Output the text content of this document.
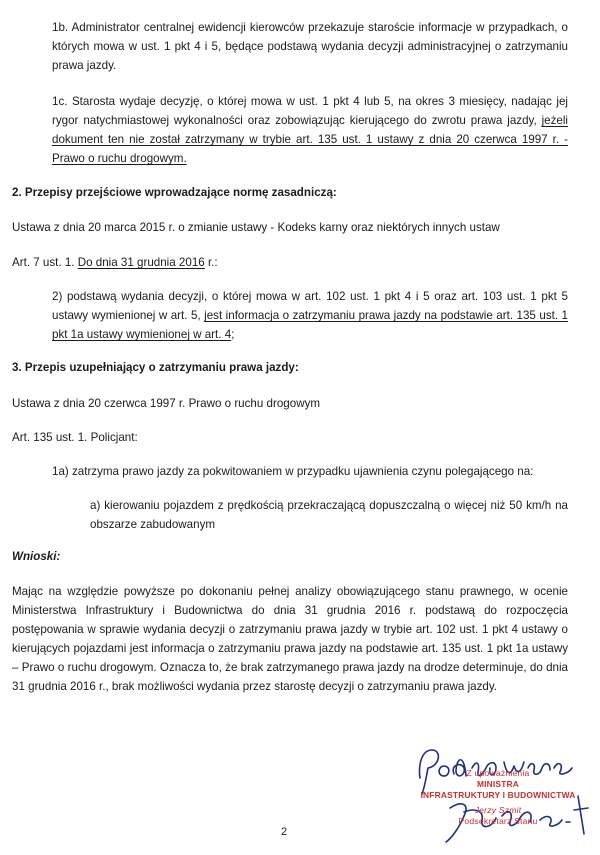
1b. Administrator centralnej ewidencji kierowców przekazuje staroście informacje w przypadkach, o których mowa w ust. 1 pkt 4 i 5, będące podstawą wydania decyzji administracyjnej o zatrzymaniu prawa jazdy.

1c. Starosta wydaje decyzję, o której mowa w ust. 1 pkt 4 lub 5, na okres 3 miesięcy, nadając jej rygor natychmiastowej wykonalności oraz zobowiązując kierującego do zwrotu prawa jazdy, jeżeli dokument ten nie został zatrzymany w trybie art. 135 ust. 1 ustawy z dnia 20 czerwca 1997 r. - Prawo o ruchu drogowym.

2. Przepisy przejściowe wprowadzające normę zasadniczą:

Ustawa z dnia 20 marca 2015 r. o zmianie ustawy - Kodeks karny oraz niektórych innych ustaw

Art. 7 ust. 1. Do dnia 31 grudnia 2016 r.:

2) podstawą wydania decyzji, o której mowa w art. 102 ust. 1 pkt 4 i 5 oraz art. 103 ust. 1 pkt 5 ustawy wymienionej w art. 5, jest informacja o zatrzymaniu prawa jazdy na podstawie art. 135 ust. 1 pkt 1a ustawy wymienionej w art. 4;

3. Przepis uzupełniający o zatrzymaniu prawa jazdy:

Ustawa z dnia 20 czerwca 1997 r. Prawo o ruchu drogowym

Art. 135 ust. 1. Policjant:

1a) zatrzyma prawo jazdy za pokwitowaniem w przypadku ujawnienia czynu polegającego na:

a) kierowaniu pojazdem z prędkością przekraczającą dopuszczalną o więcej niż 50 km/h na obszarze zabudowanym

Wnioski:

Mając na względzie powyższe po dokonaniu pełnej analizy obowiązującego stanu prawnego, w ocenie Ministerstwa Infrastruktury i Budownictwa do dnia 31 grudnia 2016 r. podstawą do rozpoczęcia postępowania w sprawie wydania decyzji o zatrzymaniu prawa jazdy w trybie art. 102 ust. 1 pkt 4 ustawy o kierujących pojazdami jest informacja o zatrzymaniu prawa jazdy na podstawie art. 135 ust. 1 pkt 1a ustawy – Prawo o ruchu drogowym. Oznacza to, że brak zatrzymanego prawa jazdy na drodze determinuje, do dnia 31 grudnia 2016 r., brak możliwości wydania przez starostę decyzji o zatrzymaniu prawa jazdy.

Z upoważnienia
MINISTRA
INFRASTRUKTURY I BUDOWNICTWA
Jerzy Szmit
Podsekretarz Stanu
2
